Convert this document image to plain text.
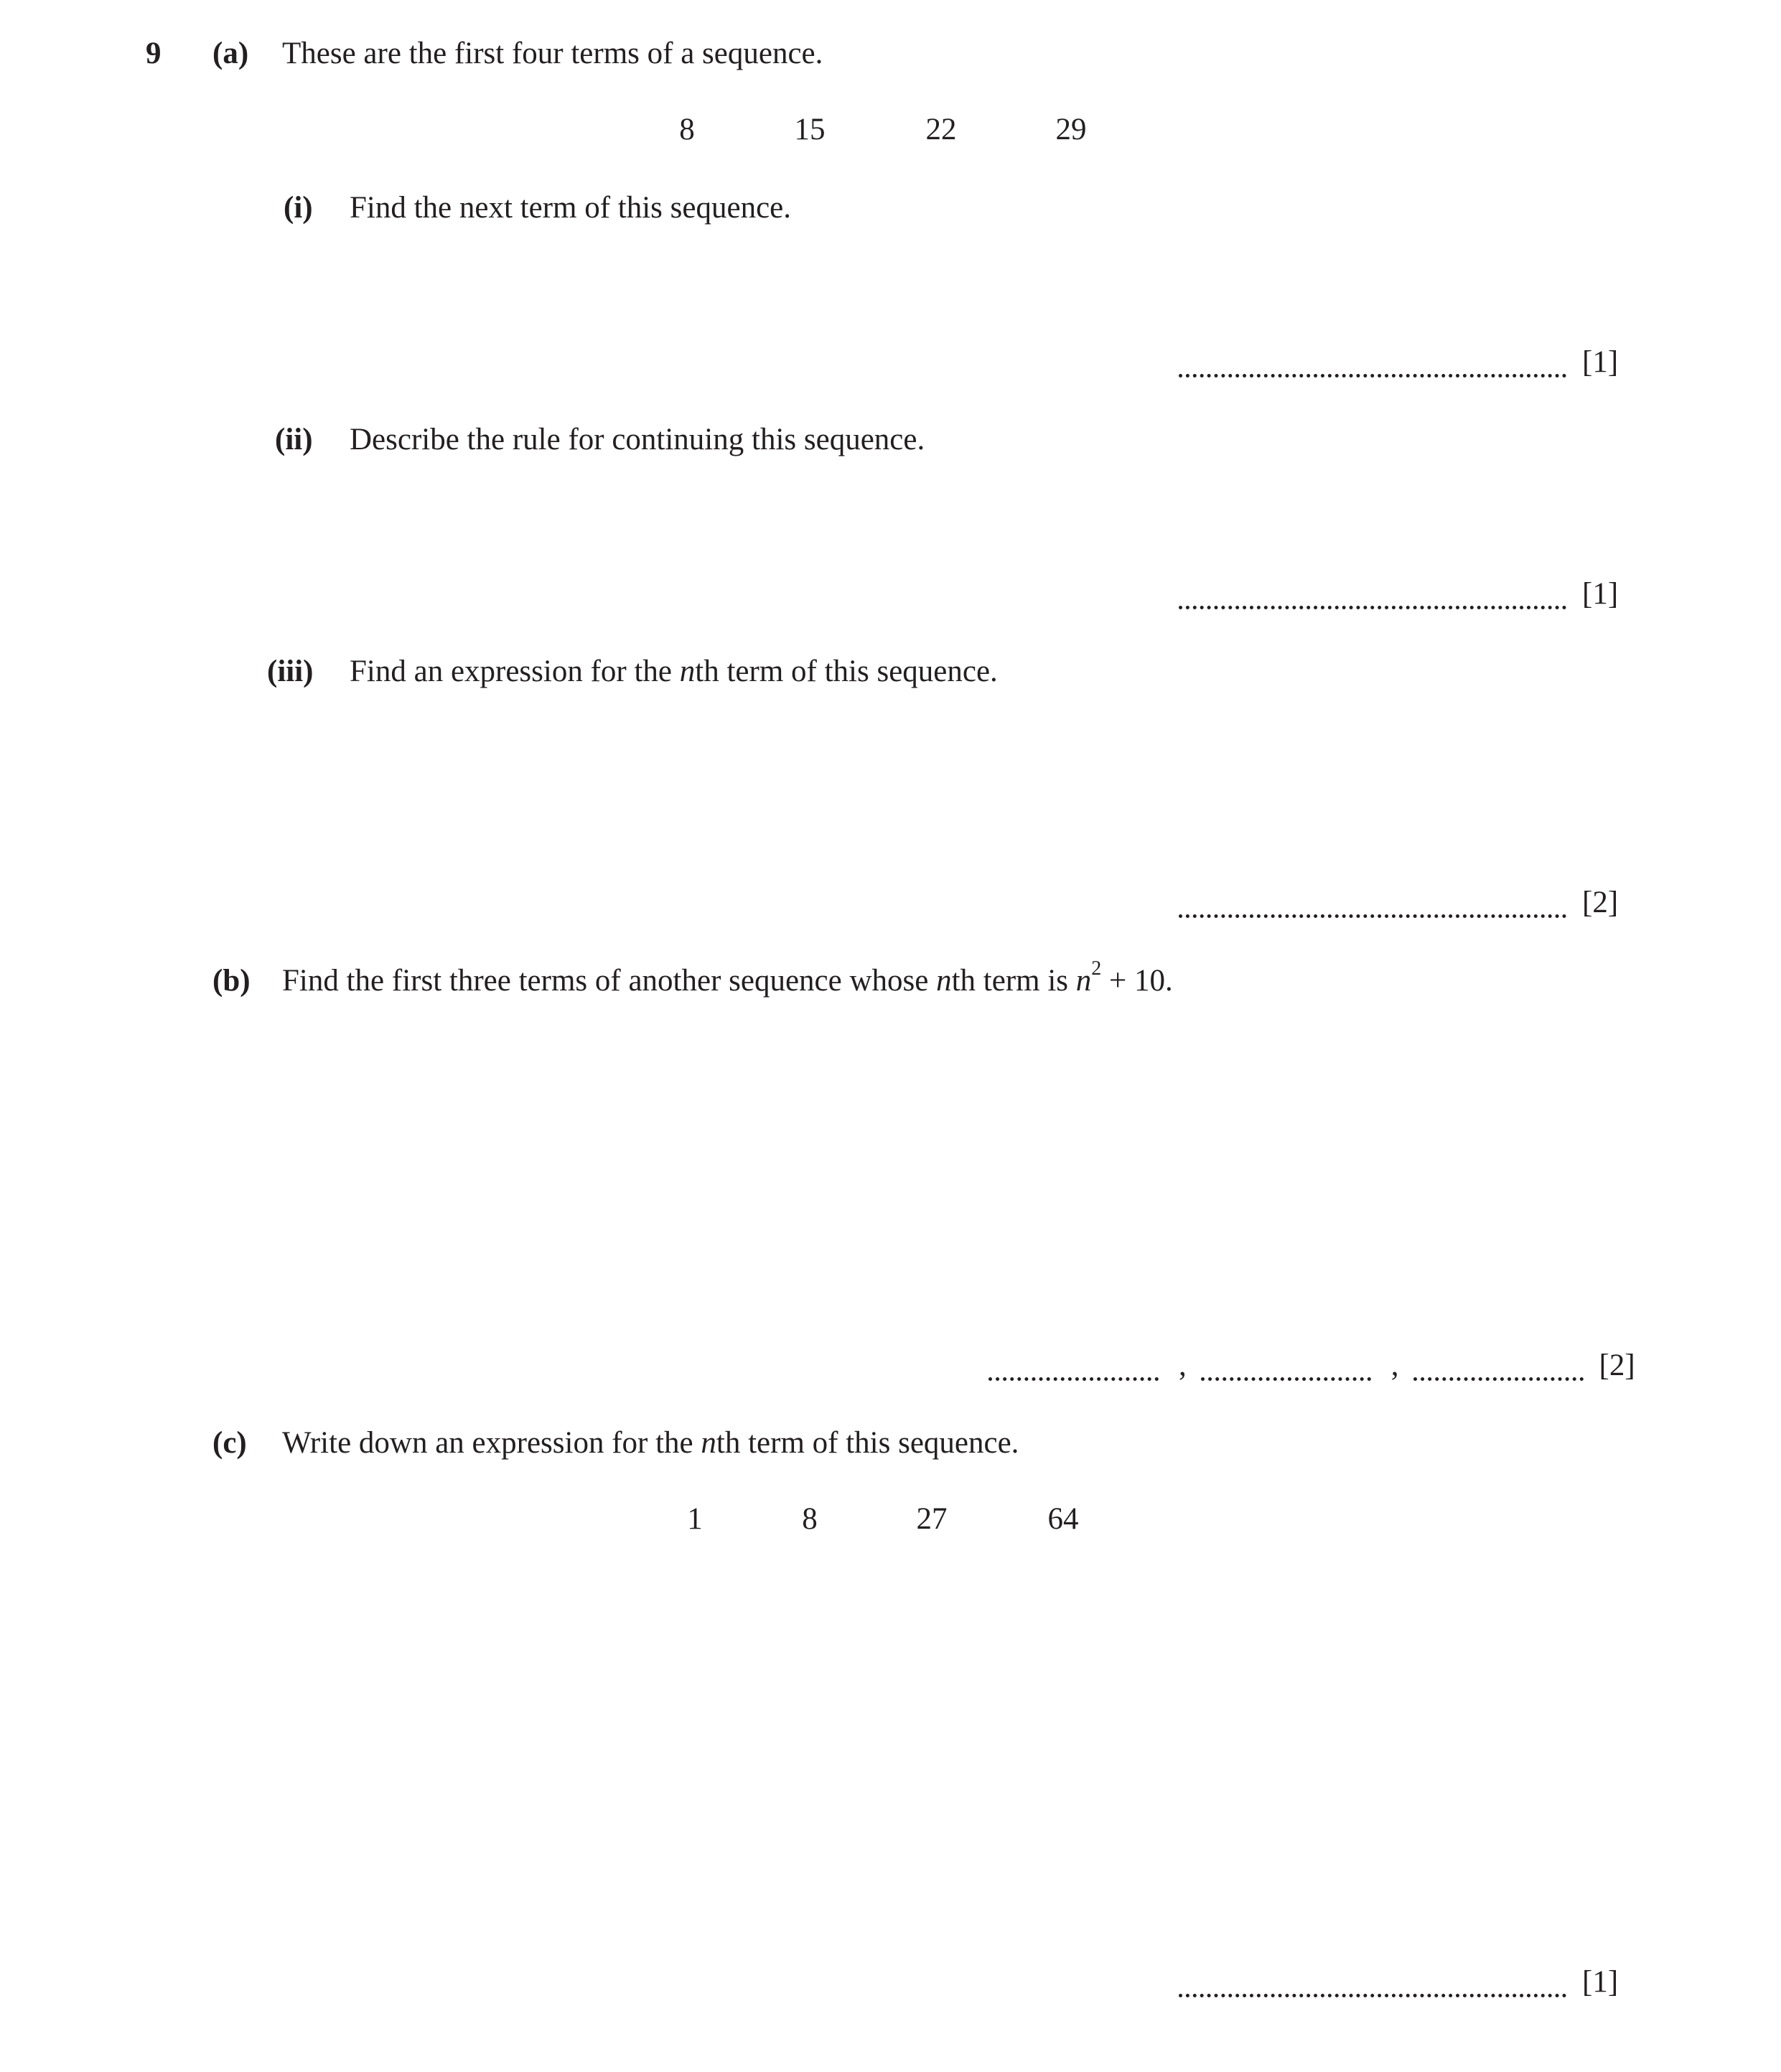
9 (a) These are the first four terms of a sequence.
8	15	22	29
(i) Find the next term of this sequence.
[1]
(ii) Describe the rule for continuing this sequence.
[1]
(iii) Find an expression for the nth term of this sequence.
[2]
(b) Find the first three terms of another sequence whose nth term is $n^2 + 10$.
,	,	[2]
(c) Write down an expression for the nth term of this sequence.
1	8	27	64
[1]
